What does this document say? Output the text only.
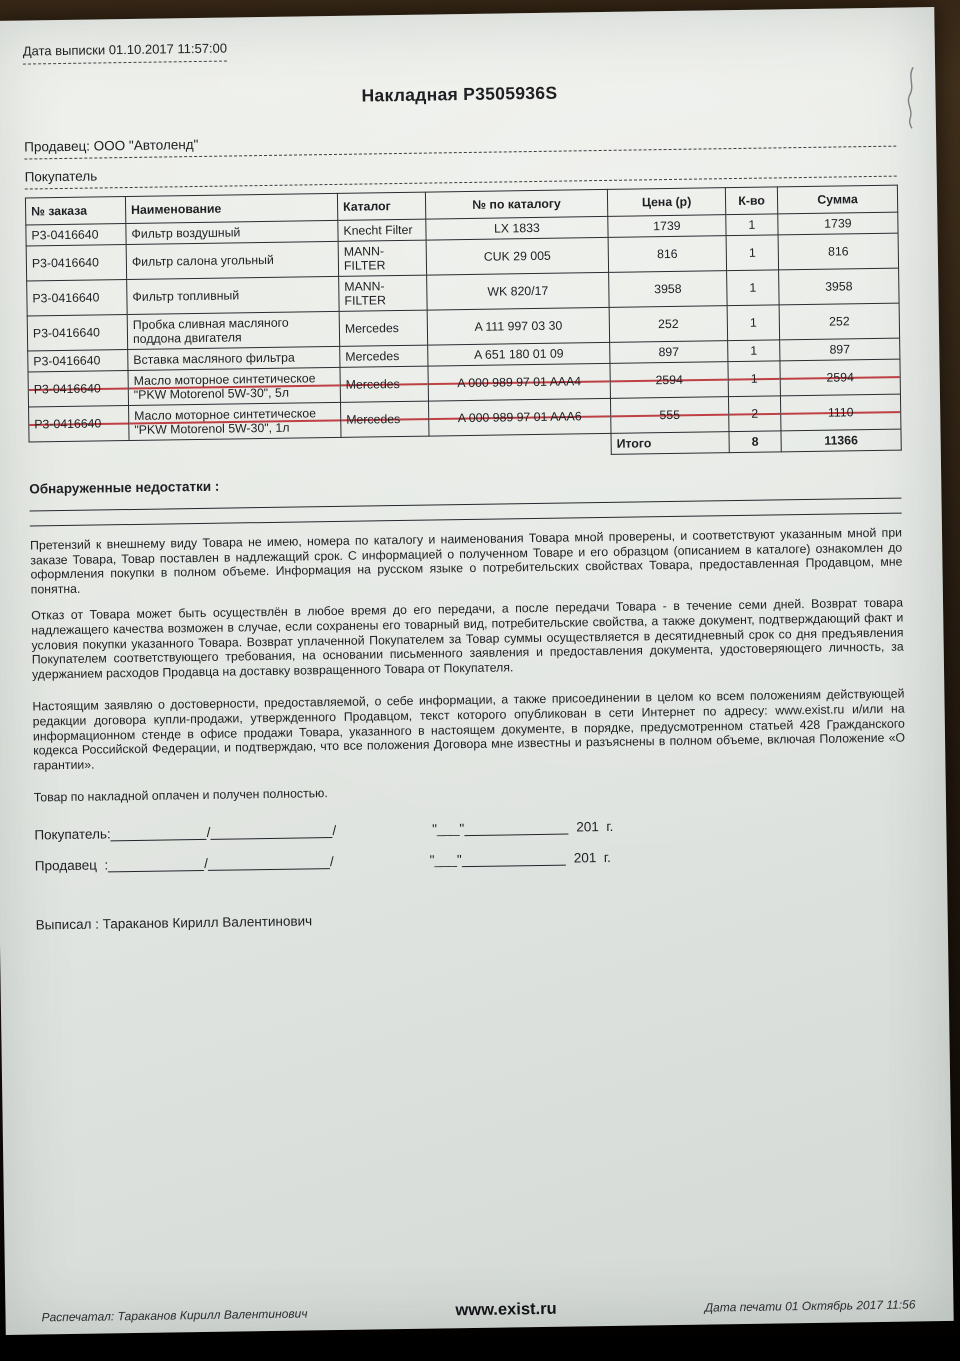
Дата выписки 01.10.2017 11:57:00
Накладная P3505936S
Продавец: ООО "Автоленд"
Покупатель
№ заказа	Наименование	Каталог	№ по каталогу	Цена (р)	К-во	Сумма
P3-0416640	Фильтр воздушный	Knecht Filter	LX 1833	1739	1	1739
P3-0416640	Фильтр салона угольный	MANN-FILTER	CUK 29 005	816	1	816
P3-0416640	Фильтр топливный	MANN-FILTER	WK 820/17	3958	1	3958
P3-0416640	Пробка сливная масляного поддона двигателя	Mercedes	A 111 997 03 30	252	1	252
P3-0416640	Вставка масляного фильтра	Mercedes	A 651 180 01 09	897	1	897
P3-0416640	Масло моторное синтетическое "PKW Motorenol 5W-30", 5л	Mercedes	A 000 989 97 01 AAA4	2594	1	2594
P3-0416640	Масло моторное синтетическое "PKW Motorenol 5W-30", 1л	Mercedes	A 000 989 97 01 AAA6	555	2	1110
				Итого	8	11366
Обнаруженные недостатки :
Претензий к внешнему виду Товара не имею, номера по каталогу и наименования Товара мной проверены, и соответствуют указанным мной при заказе Товара, Товар поставлен в надлежащий срок. С информацией о полученном Товаре и его образцом (описанием в каталоге) ознакомлен до оформления покупки в полном объеме. Информация на русском языке о потребительских свойствах Товара, предоставленная Продавцом, мне понятна.
Отказ от Товара может быть осуществлён в любое время до его передачи, а после передачи Товара - в течение семи дней. Возврат товара надлежащего качества возможен в случае, если сохранены его товарный вид, потребительские свойства, а также документ, подтверждающий факт и условия покупки указанного Товара. Возврат уплаченной Покупателем за Товар суммы осуществляется в десятидневный срок со дня предъявления Покупателем соответствующего требования, на основании письменного заявления и предоставления документа, удостоверяющего личность, за удержанием расходов Продавца на доставку возвращенного Товара от Покупателя.
Настоящим заявляю о достоверности, предоставляемой, о себе информации, а также присоединении в целом ко всем положениям действующей редакции договора купли-продажи, утвержденного Продавцом, текст которого опубликован в сети Интернет по адресу: www.exist.ru и/или на информационном стенде в офисе продажи Товара, указанного в настоящем документе, в порядке, предусмотренном статьей 428 Гражданского кодекса Российской Федерации, и подтверждаю, что все положения Договора мне известны и разъяснены в полном объеме, включая Положение «О гарантии».
Товар по накладной оплачен и получен полностью.
Покупатель:	/	/	"___"	201  г.
Продавец  :	/	/	"___"	201  г.
Выписал : Тараканов Кирилл Валентинович
Распечатал: Тараканов Кирилл Валентинович	www.exist.ru	Дата печати 01 Октябрь 2017 11:56
